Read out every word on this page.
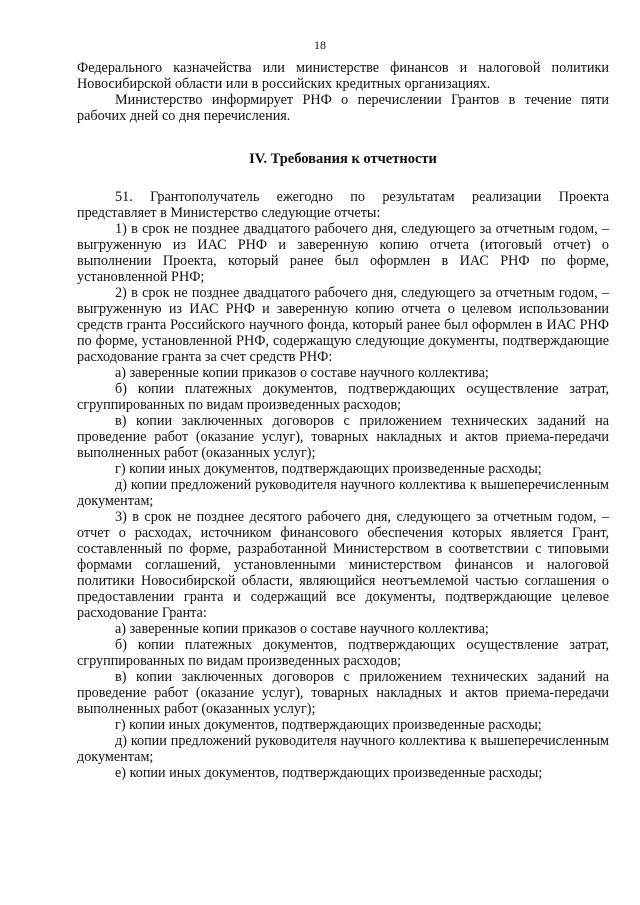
18

Федерального казначейства или министерстве финансов и налоговой политики Новосибирской области или в российских кредитных организациях.

Министерство информирует РНФ о перечислении Грантов в течение пяти рабочих дней со дня перечисления.

IV. Требования к отчетности

51. Грантополучатель ежегодно по результатам реализации Проекта представляет в Министерство следующие отчеты:

1) в срок не позднее двадцатого рабочего дня, следующего за отчетным годом, – выгруженную из ИАС РНФ и заверенную копию отчета (итоговый отчет) о выполнении Проекта, который ранее был оформлен в ИАС РНФ по форме, установленной РНФ;

2) в срок не позднее двадцатого рабочего дня, следующего за отчетным годом, – выгруженную из ИАС РНФ и заверенную копию отчета о целевом использовании средств гранта Российского научного фонда, который ранее был оформлен в ИАС РНФ по форме, установленной РНФ, содержащую следующие документы, подтверждающие расходование гранта за счет средств РНФ:

а) заверенные копии приказов о составе научного коллектива;

б) копии платежных документов, подтверждающих осуществление затрат, сгруппированных по видам произведенных расходов;

в) копии заключенных договоров с приложением технических заданий на проведение работ (оказание услуг), товарных накладных и актов приема-передачи выполненных работ (оказанных услуг);

г) копии иных документов, подтверждающих произведенные расходы;

д) копии предложений руководителя научного коллектива к вышеперечисленным документам;

3) в срок не позднее десятого рабочего дня, следующего за отчетным годом, – отчет о расходах, источником финансового обеспечения которых является Грант, составленный по форме, разработанной Министерством в соответствии с типовыми формами соглашений, установленными министерством финансов и налоговой политики Новосибирской области, являющийся неотъемлемой частью соглашения о предоставлении гранта и содержащий все документы, подтверждающие целевое расходование Гранта:

а) заверенные копии приказов о составе научного коллектива;

б) копии платежных документов, подтверждающих осуществление затрат, сгруппированных по видам произведенных расходов;

в) копии заключенных договоров с приложением технических заданий на проведение работ (оказание услуг), товарных накладных и актов приема-передачи выполненных работ (оказанных услуг);

г) копии иных документов, подтверждающих произведенные расходы;

д) копии предложений руководителя научного коллектива к вышеперечисленным документам;

е) копии иных документов, подтверждающих произведенные расходы;
